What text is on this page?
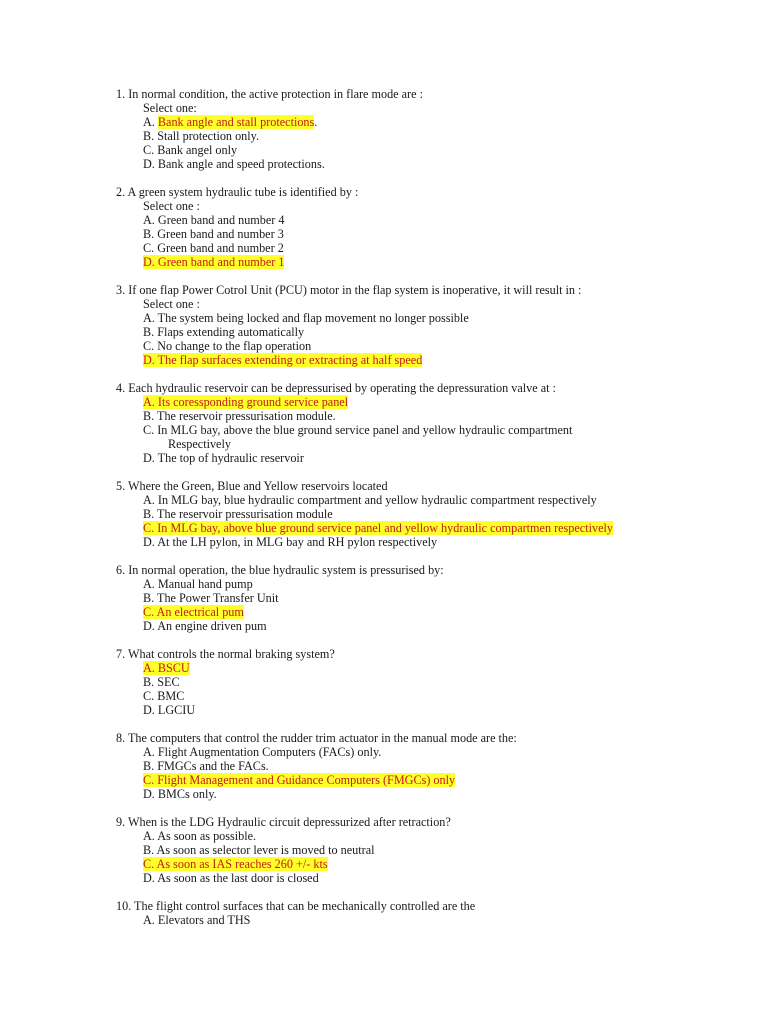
1. In normal condition, the active protection in flare mode are :
Select one:
A. Bank angle and stall protections.
B. Stall protection only.
C. Bank angel only
D. Bank angle and speed protections.
2. A green system hydraulic tube is identified by :
Select one :
A. Green band and number 4
B. Green band and number 3
C. Green band and number 2
D. Green band and number 1
3. If one flap Power Cotrol Unit (PCU) motor in the flap system is inoperative, it will result in :
Select one :
A. The system being locked and flap movement no longer possible
B. Flaps extending automatically
C. No change to the flap operation
D. The flap surfaces extending or extracting at half speed
4. Each hydraulic reservoir can be depressurised by operating the depressuration valve at :
A. Its coressponding ground service panel
B. The reservoir pressurisation module.
C. In MLG bay, above the blue ground service panel and yellow hydraulic compartment
Respectively
D. The top of hydraulic reservoir
5. Where the Green, Blue and Yellow reservoirs located
A. In MLG bay, blue hydraulic compartment and yellow hydraulic compartment respectively
B. The reservoir pressurisation module
C. In MLG bay, above blue ground service panel and yellow hydraulic compartmen respectively
D. At the LH pylon, in MLG bay and RH pylon respectively
6. In normal operation, the blue hydraulic system is pressurised by:
A. Manual hand pump
B. The Power Transfer Unit
C. An electrical pum
D. An engine driven pum
7. What controls the normal braking system?
A. BSCU
B. SEC
C. BMC
D. LGCIU
8. The computers that control the rudder trim actuator in the manual mode are the:
A. Flight Augmentation Computers (FACs) only.
B. FMGCs and the FACs.
C. Flight Management and Guidance Computers (FMGCs) only
D. BMCs only.
9. When is the LDG Hydraulic circuit depressurized after retraction?
A. As soon as possible.
B. As soon as selector lever is moved to neutral
C. As soon as IAS reaches 260 +/- kts
D. As soon as the last door is closed
10. The flight control surfaces that can be mechanically controlled are the
A. Elevators and THS
